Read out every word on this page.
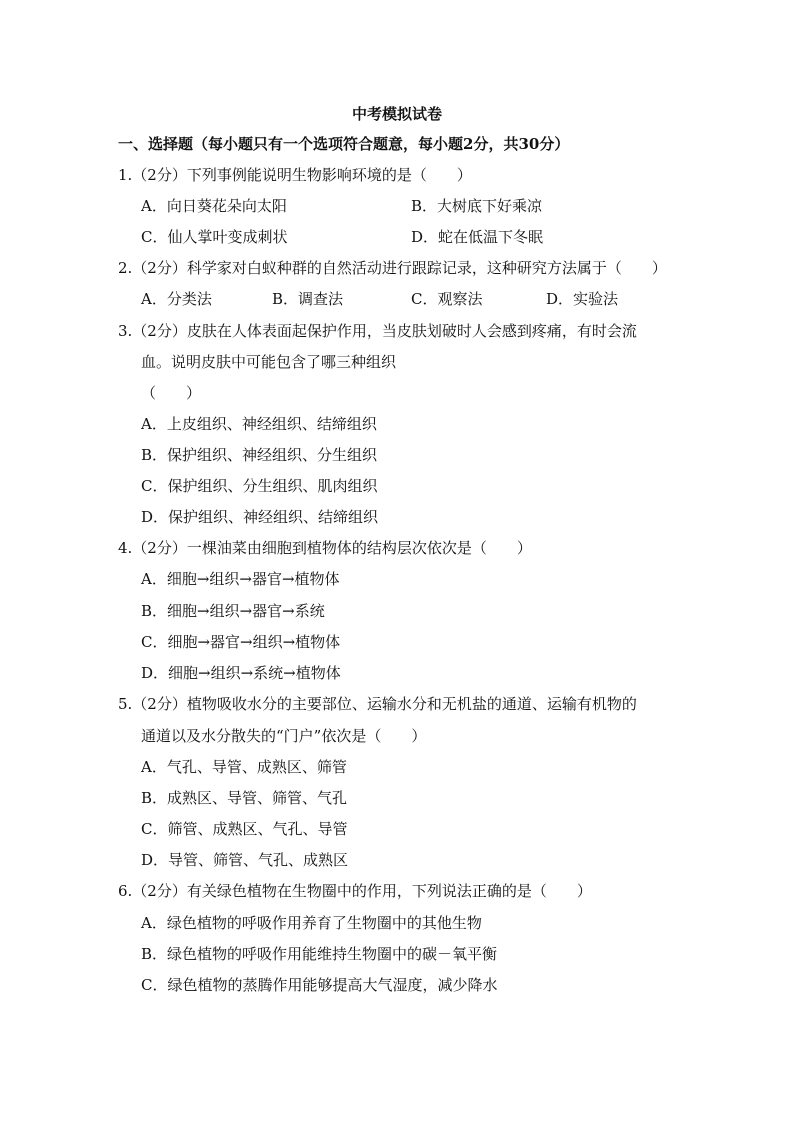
中考模拟试卷
一、选择题（每小题只有一个选项符合题意，每小题2分，共30分）
1.（2分）下列事例能说明生物影响环境的是（　　）
A．向日葵花朵向太阳	B．大树底下好乘凉
C．仙人掌叶变成刺状	D．蛇在低温下冬眠
2.（2分）科学家对白蚁种群的自然活动进行跟踪记录，这种研究方法属于（　　）
A．分类法	B．调查法	C．观察法	D．实验法
3.（2分）皮肤在人体表面起保护作用，当皮肤划破时人会感到疼痛，有时会流
血。说明皮肤中可能包含了哪三种组织
（　　）
A．上皮组织、神经组织、结缔组织
B．保护组织、神经组织、分生组织
C．保护组织、分生组织、肌肉组织
D．保护组织、神经组织、结缔组织
4.（2分）一棵油菜由细胞到植物体的结构层次依次是（　　）
A．细胞→组织→器官→植物体
B．细胞→组织→器官→系统
C．细胞→器官→组织→植物体
D．细胞→组织→系统→植物体
5.（2分）植物吸收水分的主要部位、运输水分和无机盐的通道、运输有机物的
通道以及水分散失的“门户”依次是（　　）
A．气孔、导管、成熟区、筛管
B．成熟区、导管、筛管、气孔
C．筛管、成熟区、气孔、导管
D．导管、筛管、气孔、成熟区
6.（2分）有关绿色植物在生物圈中的作用，下列说法正确的是（　　）
A．绿色植物的呼吸作用养育了生物圈中的其他生物
B．绿色植物的呼吸作用能维持生物圈中的碳－氧平衡
C．绿色植物的蒸腾作用能够提高大气湿度，减少降水
